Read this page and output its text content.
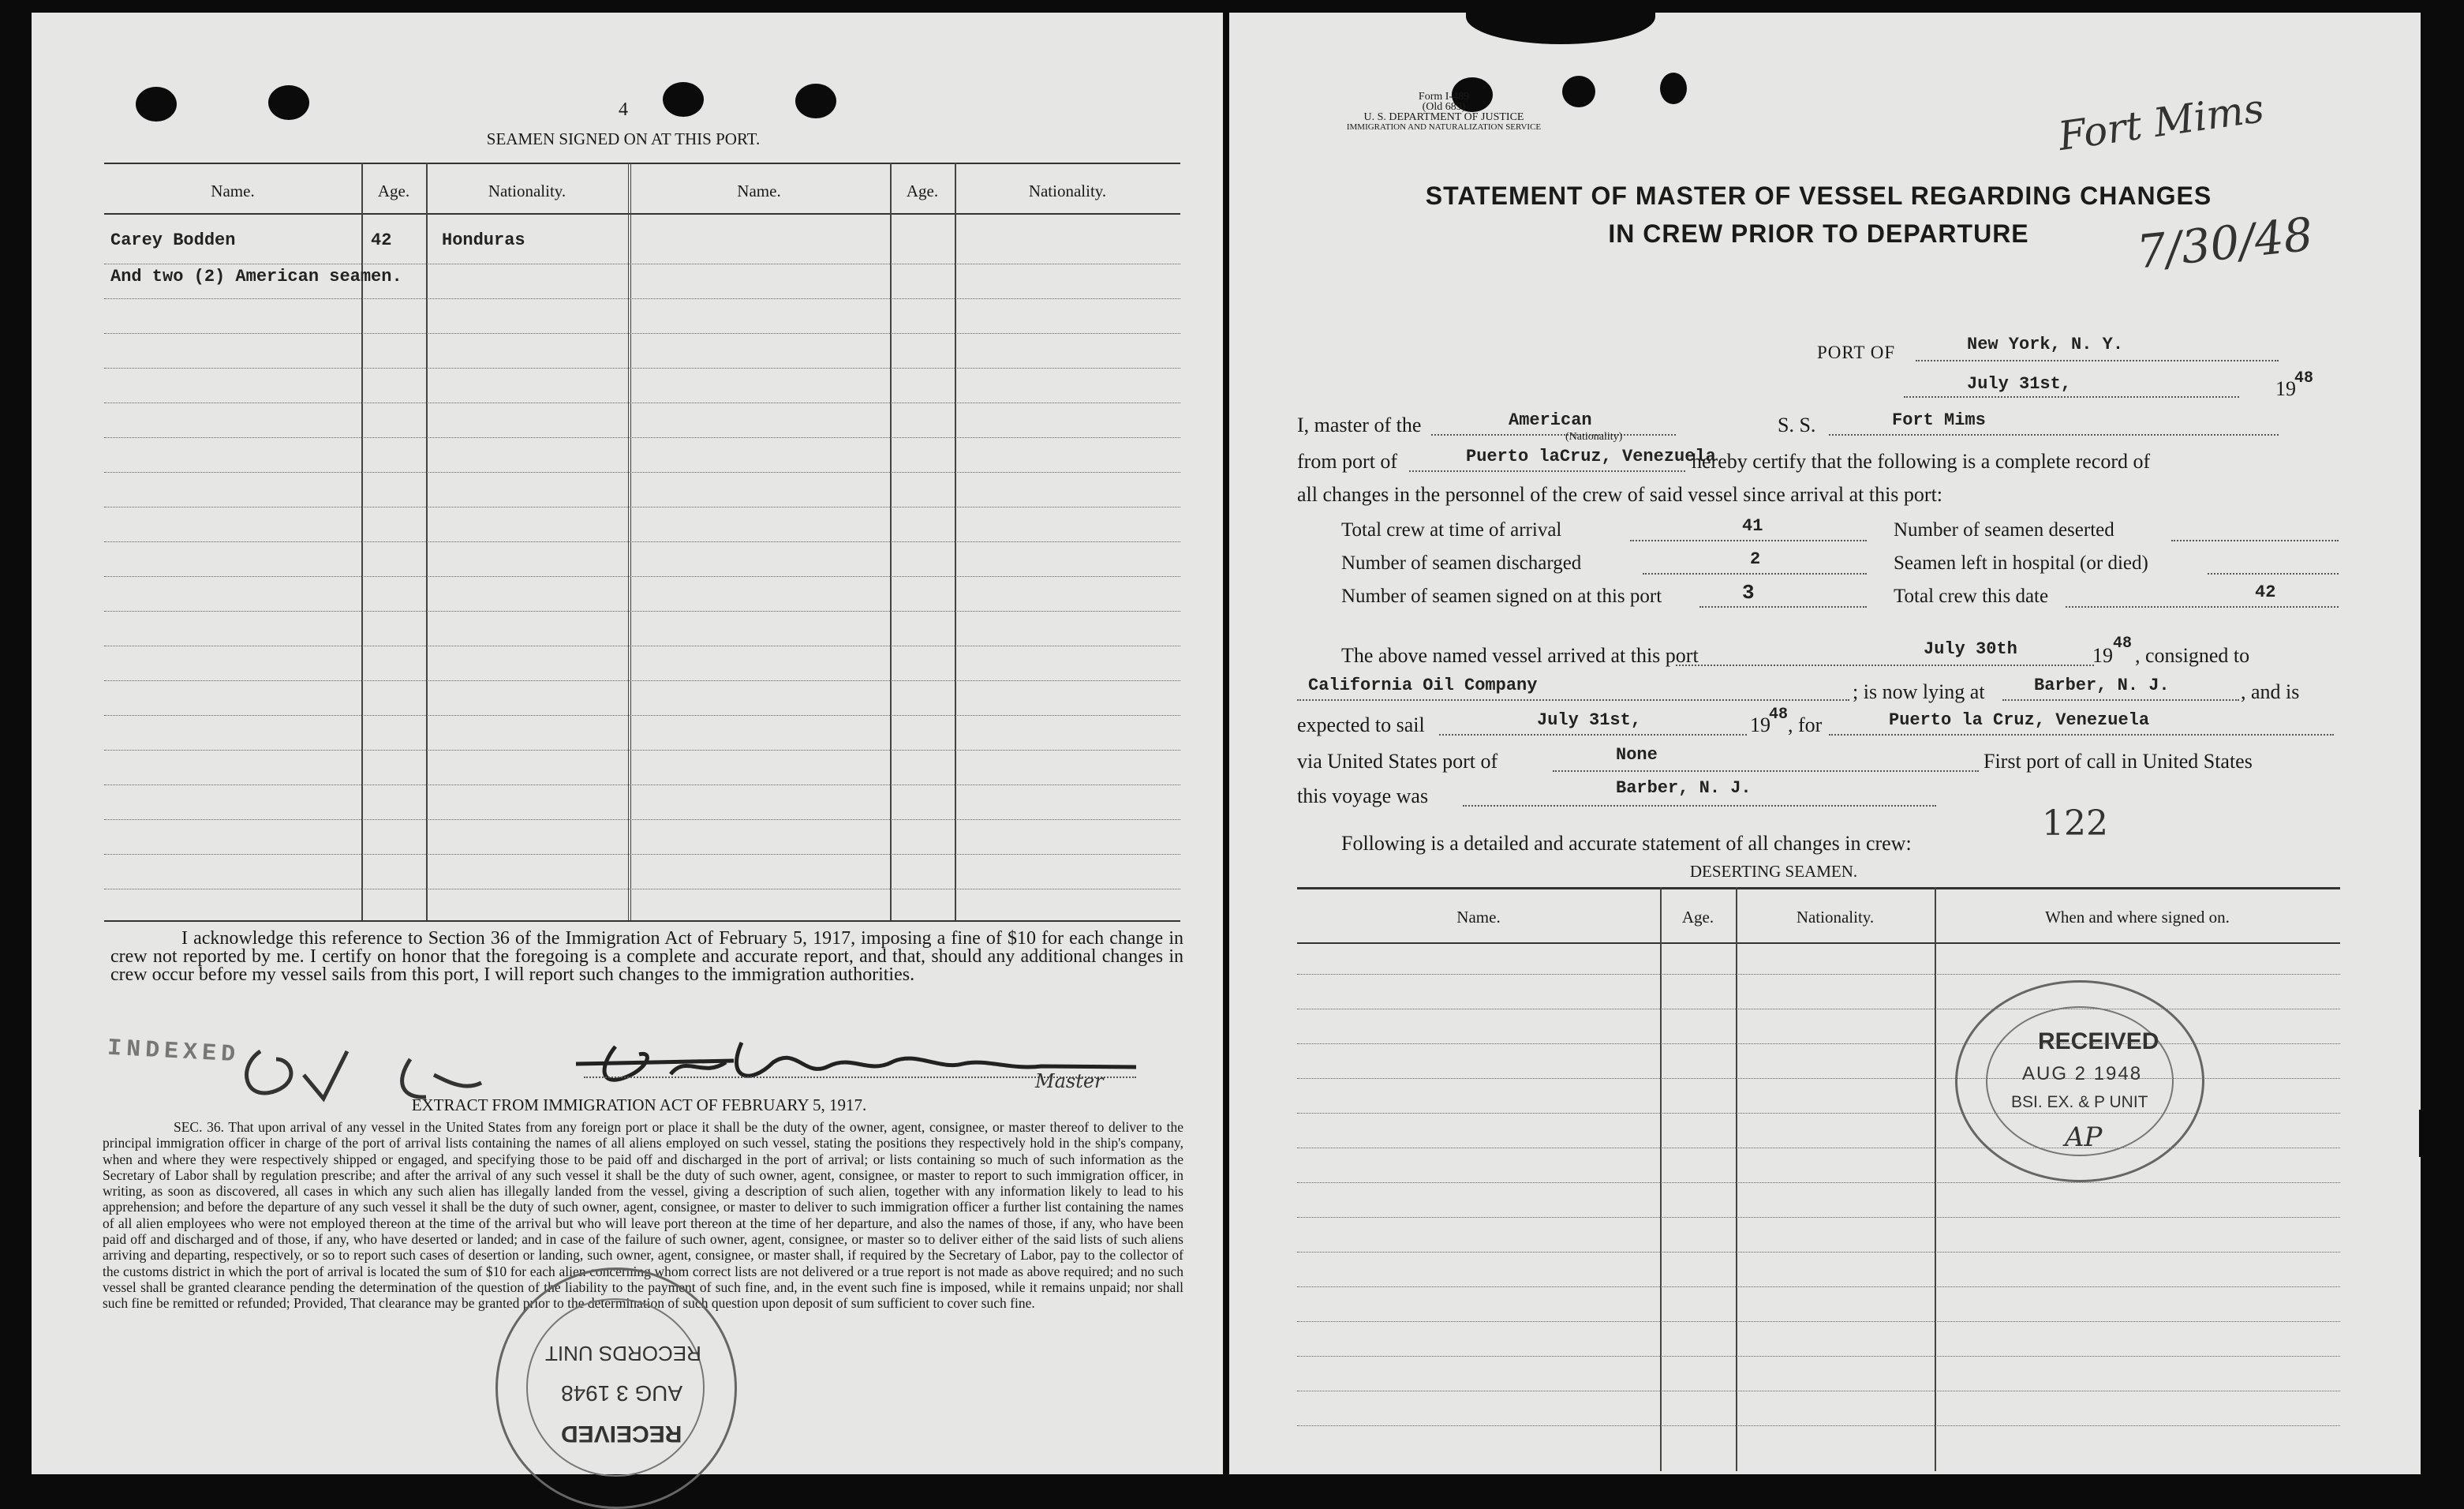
4
SEAMEN SIGNED ON AT THIS PORT.
Name.	Age.	Nationality.	Name.	Age.	Nationality.
Carey Bodden	42	Honduras
And two (2) American seamen.
I acknowledge this reference to Section 36 of the Immigration Act of February 5, 1917, imposing a fine of $10 for each change in crew not reported by me. I certify on honor that the foregoing is a complete and accurate report, and that, should any additional changes in crew occur before my vessel sails from this port, I will report such changes to the immigration authorities.
INDEXED
Master
EXTRACT FROM IMMIGRATION ACT OF FEBRUARY 5, 1917.
SEC. 36. That upon arrival of any vessel in the United States from any foreign port or place it shall be the duty of the owner, agent, consignee, or master thereof to deliver to the principal immigration officer in charge of the port of arrival lists containing the names of all aliens employed on such vessel, stating the positions they respectively hold in the ship's company, when and where they were respectively shipped or engaged, and specifying those to be paid off and discharged in the port of arrival; or lists containing so much of such information as the Secretary of Labor shall by regulation prescribe; and after the arrival of any such vessel it shall be the duty of such owner, agent, consignee, or master to report to such immigration officer, in writing, as soon as discovered, all cases in which any such alien has illegally landed from the vessel, giving a description of such alien, together with any information likely to lead to his apprehension; and before the departure of any such vessel it shall be the duty of such owner, agent, consignee, or master to deliver to such immigration officer a further list containing the names of all alien employees who were not employed thereon at the time of the arrival but who will leave port thereon at the time of her departure, and also the names of those, if any, who have been paid off and discharged and of those, if any, who have deserted or landed; and in case of the failure of such owner, agent, consignee, or master so to deliver either of the said lists of such aliens arriving and departing, respectively, or so to report such cases of desertion or landing, such owner, agent, consignee, or master shall, if required by the Secretary of Labor, pay to the collector of the customs district in which the port of arrival is located the sum of $10 for each alien concerning whom correct lists are not delivered or a true report is not made as above required; and no such vessel shall be granted clearance pending the determination of the question of the liability to the payment of such fine, and, in the event such fine is imposed, while it remains unpaid; nor shall such fine be remitted or refunded; Provided, That clearance may be granted prior to the determination of such question upon deposit of sum sufficient to cover such fine.
RECORDS UNIT
AUG 3 1948
RECEIVED
Form I-489
(Old 689)
U. S. DEPARTMENT OF JUSTICE
IMMIGRATION AND NATURALIZATION SERVICE
STATEMENT OF MASTER OF VESSEL REGARDING CHANGES
IN CREW PRIOR TO DEPARTURE
Fort Mims
7/30/48
PORT OF	New York, N. Y.
July 31st,	19
48
I, master of the	American
(Nationality)
S. S.	Fort Mims
from port of	Puerto laCruz, Venezuela
hereby certify that the following is a complete record of
all changes in the personnel of the crew of said vessel since arrival at this port:
Total crew at time of arrival	41	Number of seamen deserted
Number of seamen discharged	2	Seamen left in hospital (or died)
Number of seamen signed on at this port	3	Total crew this date	42
The above named vessel arrived at this port	July 30th	19
48
, consigned to
California Oil Company	; is now lying at	Barber, N. J.	, and is
expected to sail	July 31st,	19
48 , for	Puerto la Cruz, Venezuela
via United States port of	None	First port of call in United States
this voyage was	Barber, N. J.
Following is a detailed and accurate statement of all changes in crew:	122
DESERTING SEAMEN.
Name.	Age.	Nationality.	When and where signed on.
RECEIVED
AUG 2 1948
BSI. EX. & P UNIT
AP
